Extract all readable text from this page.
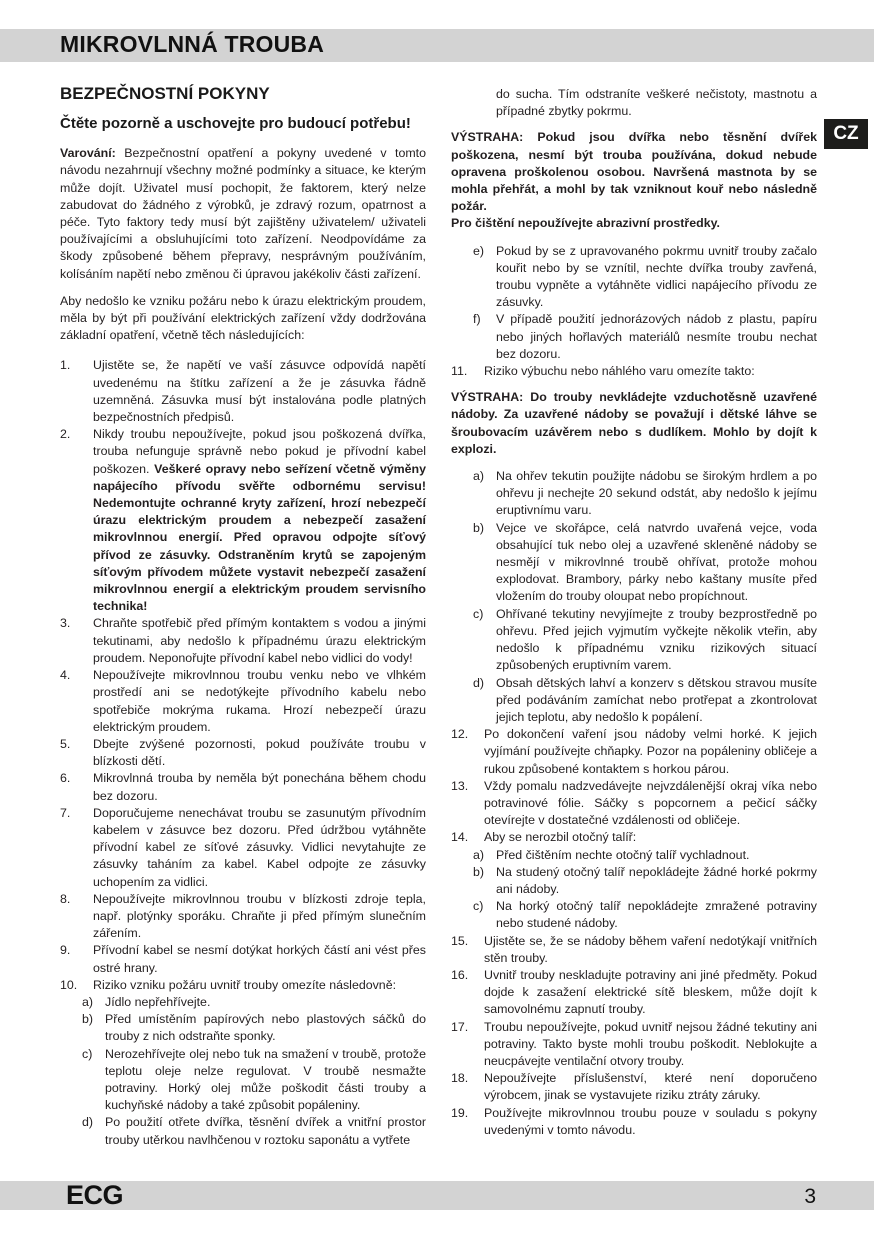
MIKROVLNNÁ TROUBA
CZ
BEZPEČNOSTNÍ POKYNY
Čtěte pozorně a uschovejte pro budoucí potřebu!

Varování: Bezpečnostní opatření a pokyny uvedené v tomto návodu nezahrnují všechny možné podmínky a situace, ke kterým může dojít. Uživatel musí pochopit, že faktorem, který nelze zabudovat do žádného z výrobků, je zdravý rozum, opatrnost a péče. Tyto faktory tedy musí být zajištěny uživatelem/ uživateli používajícími a obsluhujícími toto zařízení. Neodpovídáme za škody způsobené během přepravy, nesprávným používáním, kolísáním napětí nebo změnou či úpravou jakékoliv části zařízení.

Aby nedošlo ke vzniku požáru nebo k úrazu elektrickým proudem, měla by být při používání elektrických zařízení vždy dodržována základní opatření, včetně těch následujících:

1. Ujistěte se, že napětí ve vaší zásuvce odpovídá napětí uvedenému na štítku zařízení a že je zásuvka řádně uzemněná. Zásuvka musí být instalována podle platných bezpečnostních předpisů.
2. Nikdy troubu nepoužívejte, pokud jsou poškozená dvířka, trouba nefunguje správně nebo pokud je přívodní kabel poškozen. Veškeré opravy nebo seřízení včetně výměny napájecího přívodu svěřte odbornému servisu! Nedemontujte ochranné kryty zařízení, hrozí nebezpečí úrazu elektrickým proudem a nebezpečí zasažení mikrovlnnou energií. Před opravou odpojte síťový přívod ze zásuvky. Odstraněním krytů se zapojeným síťovým přívodem můžete vystavit nebezpečí zasažení mikrovlnnou energií a elektrickým proudem servisního technika!
3. Chraňte spotřebič před přímým kontaktem s vodou a jinými tekutinami, aby nedošlo k případnému úrazu elektrickým proudem. Neponořujte přívodní kabel nebo vidlici do vody!
4. Nepoužívejte mikrovlnnou troubu venku nebo ve vlhkém prostředí ani se nedotýkejte přívodního kabelu nebo spotřebiče mokrýma rukama. Hrozí nebezpečí úrazu elektrickým proudem.
5. Dbejte zvýšené pozornosti, pokud používáte troubu v blízkosti dětí.
6. Mikrovlnná trouba by neměla být ponechána během chodu bez dozoru.
7. Doporučujeme nenechávat troubu se zasunutým přívodním kabelem v zásuvce bez dozoru. Před údržbou vytáhněte přívodní kabel ze síťové zásuvky. Vidlici nevytahujte ze zásuvky taháním za kabel. Kabel odpojte ze zásuvky uchopením za vidlici.
8. Nepoužívejte mikrovlnnou troubu v blízkosti zdroje tepla, např. plotýnky sporáku. Chraňte ji před přímým slunečním zářením.
9. Přívodní kabel se nesmí dotýkat horkých částí ani vést přes ostré hrany.
10. Riziko vzniku požáru uvnitř trouby omezíte následovně:
a) Jídlo nepřehřívejte.
b) Před umístěním papírových nebo plastových sáčků do trouby z nich odstraňte sponky.
c) Nerozehřívejte olej nebo tuk na smažení v troubě, protože teplotu oleje nelze regulovat. V troubě nesmažte potraviny. Horký olej může poškodit části trouby a kuchyňské nádoby a také způsobit popáleniny.
d) Po použití otřete dvířka, těsnění dvířek a vnitřní prostor trouby utěrkou navlhčenou v roztoku saponátu a vytřete
do sucha. Tím odstraníte veškeré nečistoty, mastnotu a případné zbytky pokrmu.

VÝSTRAHA: Pokud jsou dvířka nebo těsnění dvířek poškozena, nesmí být trouba používána, dokud nebude opravena proškolenou osobou. Navršená mastnota by se mohla přehřát, a mohl by tak vzniknout kouř nebo následně požár.

Pro čištění nepoužívejte abrazivní prostředky.

e) Pokud by se z upravovaného pokrmu uvnitř trouby začalo kouřit nebo by se vznítil, nechte dvířka trouby zavřená, troubu vypněte a vytáhněte vidlici napájecího přívodu ze zásuvky.
f) V případě použití jednorázových nádob z plastu, papíru nebo jiných hořlavých materiálů nesmíte troubu nechat bez dozoru.
11. Riziko výbuchu nebo náhlého varu omezíte takto:

VÝSTRAHA: Do trouby nevkládejte vzduchotěsně uzavřené nádoby. Za uzavřené nádoby se považují i dětské láhve se šroubovacím uzávěrem nebo s dudlíkem. Mohlo by dojít k explozi.

a) Na ohřev tekutin použijte nádobu se širokým hrdlem a po ohřevu ji nechejte 20 sekund odstát, aby nedošlo k jejímu eruptivnímu varu.
b) Vejce ve skořápce, celá natvrdo uvařená vejce, voda obsahující tuk nebo olej a uzavřené skleněné nádoby se nesmějí v mikrovlnné troubě ohřívat, protože mohou explodovat. Brambory, párky nebo kaštany musíte před vložením do trouby oloupat nebo propíchnout.
c) Ohřívané tekutiny nevyjímejte z trouby bezprostředně po ohřevu. Před jejich vyjmutím vyčkejte několik vteřin, aby nedošlo k případnému vzniku rizikových situací způsobených eruptivním varem.
d) Obsah dětských lahví a konzerv s dětskou stravou musíte před podáváním zamíchat nebo protřepat a zkontrolovat jejich teplotu, aby nedošlo k popálení.
12. Po dokončení vaření jsou nádoby velmi horké. K jejich vyjímání používejte chňapky. Pozor na popáleniny obličeje a rukou způsobené kontaktem s horkou párou.
13. Vždy pomalu nadzvedávejte nejvzdálenější okraj víka nebo potravinové fólie. Sáčky s popcornem a pečicí sáčky otevírejte v dostatečné vzdálenosti od obličeje.
14. Aby se nerozbil otočný talíř:
a) Před čištěním nechte otočný talíř vychladnout.
b) Na studený otočný talíř nepokládejte žádné horké pokrmy ani nádoby.
c) Na horký otočný talíř nepokládejte zmražené potraviny nebo studené nádoby.
15. Ujistěte se, že se nádoby během vaření nedotýkají vnitřních stěn trouby.
16. Uvnitř trouby neskladujte potraviny ani jiné předměty. Pokud dojde k zasažení elektrické sítě bleskem, může dojít k samovolnému zapnutí trouby.
17. Troubu nepoužívejte, pokud uvnitř nejsou žádné tekutiny ani potraviny. Takto byste mohli troubu poškodit. Neblokujte a neucpávejte ventilační otvory trouby.
18. Nepoužívejte příslušenství, které není doporučeno výrobcem, jinak se vystavujete riziku ztráty záruky.
19. Používejte mikrovlnnou troubu pouze v souladu s pokyny uvedenými v tomto návodu.
ECG	3
